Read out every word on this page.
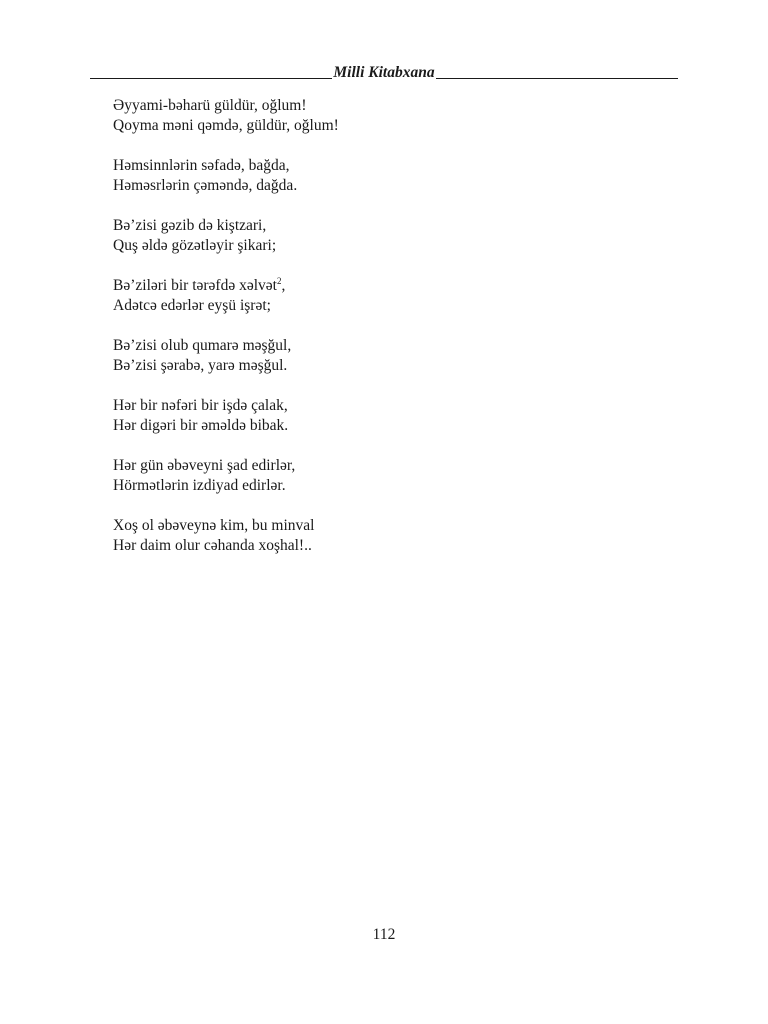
Milli Kitabxana
Əyyami-bəharü güldür, oğlum!
Qoyma məni qəmdə, güldür, oğlum!
Həmsinnlərin səfadə, bağda,
Həməsrlərin çəməndə, dağda.
Bə’zisi gəzib də kiştzari,
Quş əldə gözətləyir şikari;
Bə’ziləri bir tərəfdə xəlvət$^2$,
Adətcə edərlər eyşü işrət;
Bə’zisi olub qumarə məşğul,
Bə’zisi şərabə, yarə məşğul.
Hər bir nəfəri bir işdə çalak,
Hər digəri bir əməldə bibak.
Hər gün əbəveyni şad edirlər,
Hörmətlərin izdiyad edirlər.
Xoş ol əbəveynə kim, bu minval
Hər daim olur cəhanda xoşhal!..
112
